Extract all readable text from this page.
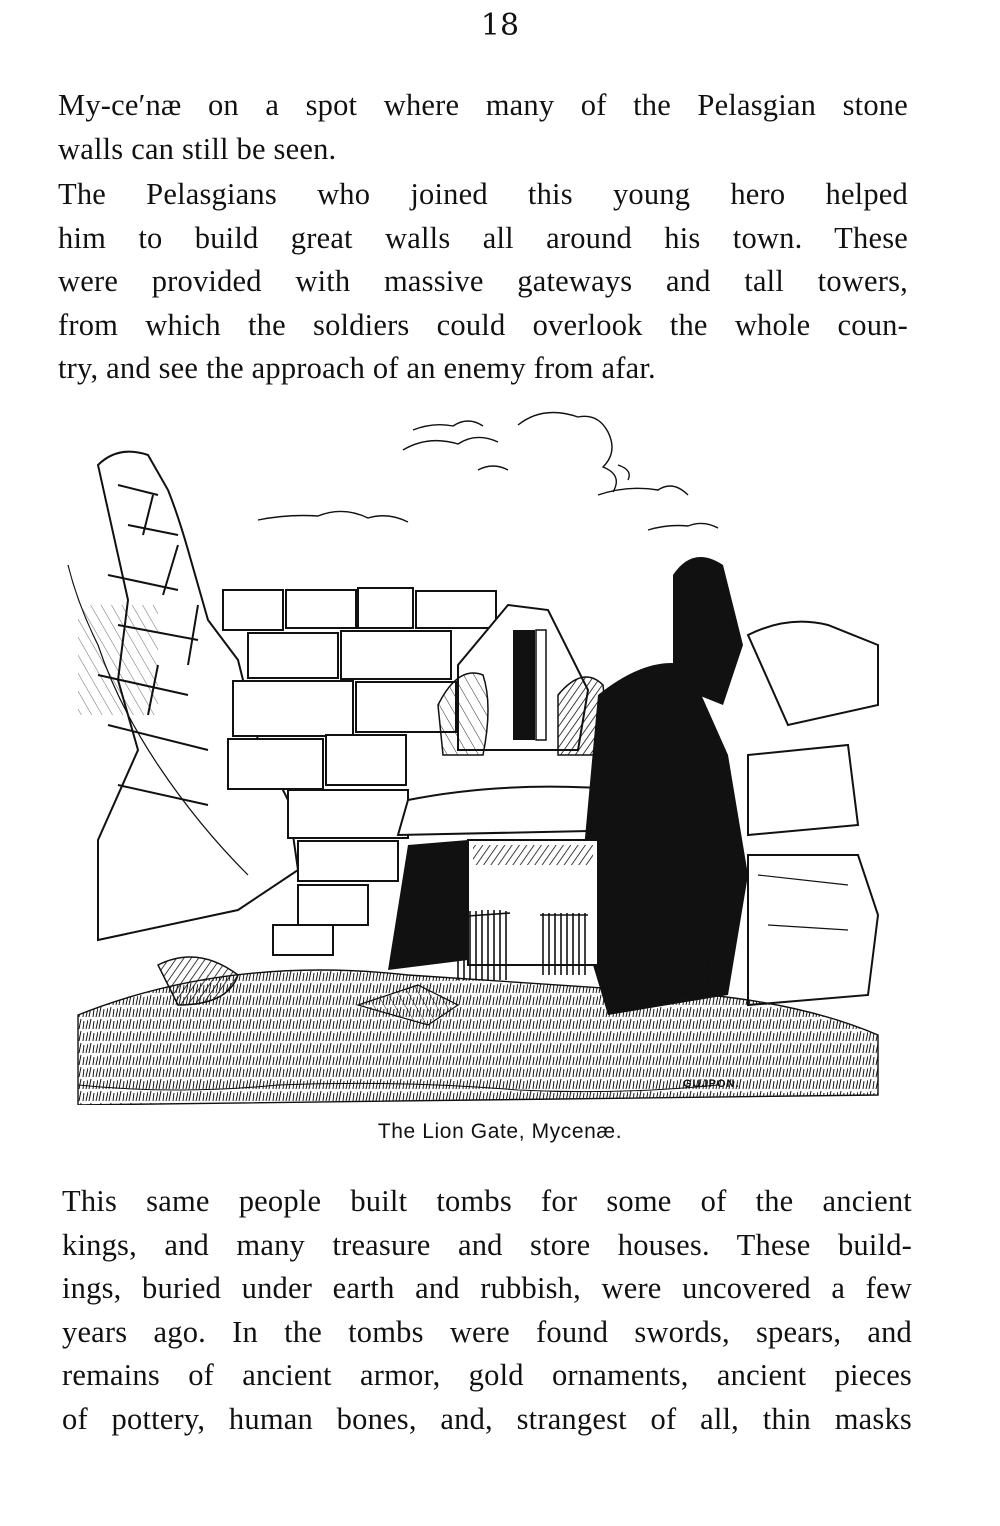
18

My-ce′næ on a spot where many of the Pelasgian stone
walls can still be seen.

The Pelasgians who joined this young hero helped
him to build great walls all around his town. These
were provided with massive gateways and tall towers,
from which the soldiers could overlook the whole coun-
try, and see the approach of an enemy from afar.

GUJPON.
The Lion Gate, Mycenæ.

This same people built tombs for some of the ancient
kings, and many treasure and store houses. These build-
ings, buried under earth and rubbish, were uncovered a few
years ago. In the tombs were found swords, spears, and
remains of ancient armor, gold ornaments, ancient pieces
of pottery, human bones, and, strangest of all, thin masks
